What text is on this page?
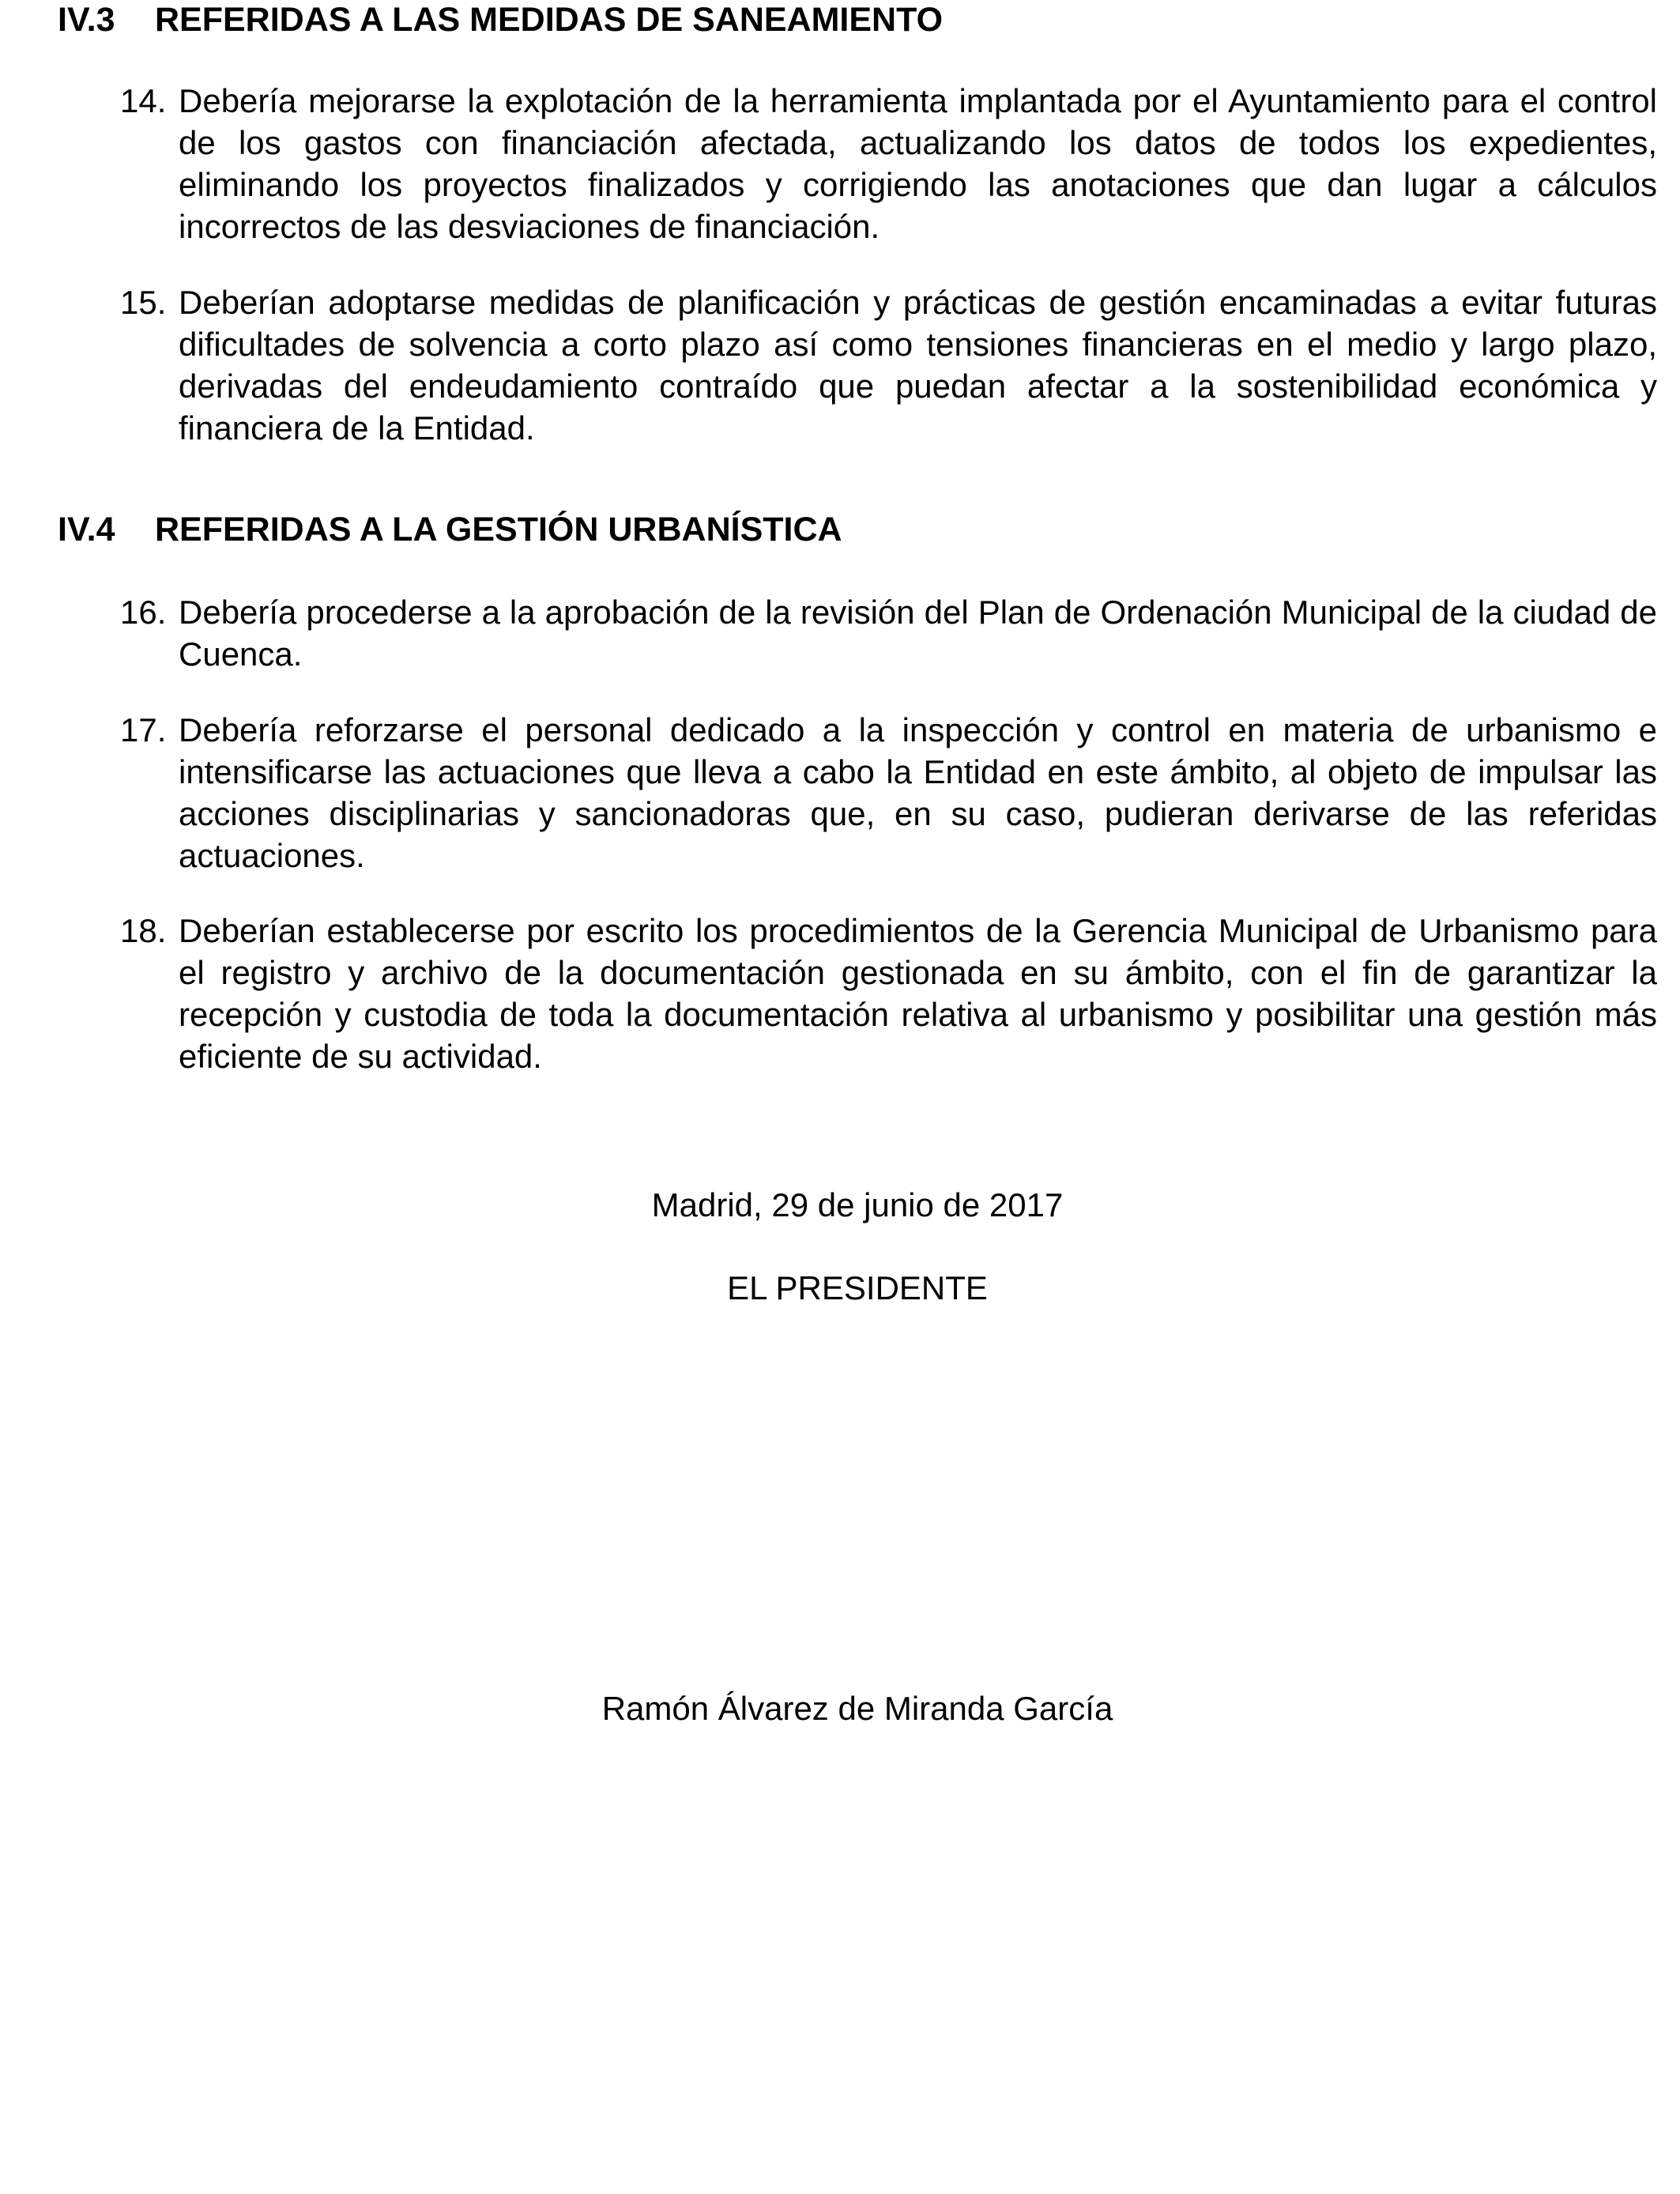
IV.3 REFERIDAS A LAS MEDIDAS DE SANEAMIENTO
14. Debería mejorarse la explotación de la herramienta implantada por el Ayuntamiento para el control de los gastos con financiación afectada, actualizando los datos de todos los expedientes, eliminando los proyectos finalizados y corrigiendo las anotaciones que dan lugar a cálculos incorrectos de las desviaciones de financiación.

15. Deberían adoptarse medidas de planificación y prácticas de gestión encaminadas a evitar futuras dificultades de solvencia a corto plazo así como tensiones financieras en el medio y largo plazo, derivadas del endeudamiento contraído que puedan afectar a la sostenibilidad económica y financiera de la Entidad.

IV.4 REFERIDAS A LA GESTIÓN URBANÍSTICA
16. Debería procederse a la aprobación de la revisión del Plan de Ordenación Municipal de la ciudad de Cuenca.

17. Debería reforzarse el personal dedicado a la inspección y control en materia de urbanismo e intensificarse las actuaciones que lleva a cabo la Entidad en este ámbito, al objeto de impulsar las acciones disciplinarias y sancionadoras que, en su caso, pudieran derivarse de las referidas actuaciones.

18. Deberían establecerse por escrito los procedimientos de la Gerencia Municipal de Urbanismo para el registro y archivo de la documentación gestionada en su ámbito, con el fin de garantizar la recepción y custodia de toda la documentación relativa al urbanismo y posibilitar una gestión más eficiente de su actividad.

Madrid, 29 de junio de 2017

EL PRESIDENTE

Ramón Álvarez de Miranda García
